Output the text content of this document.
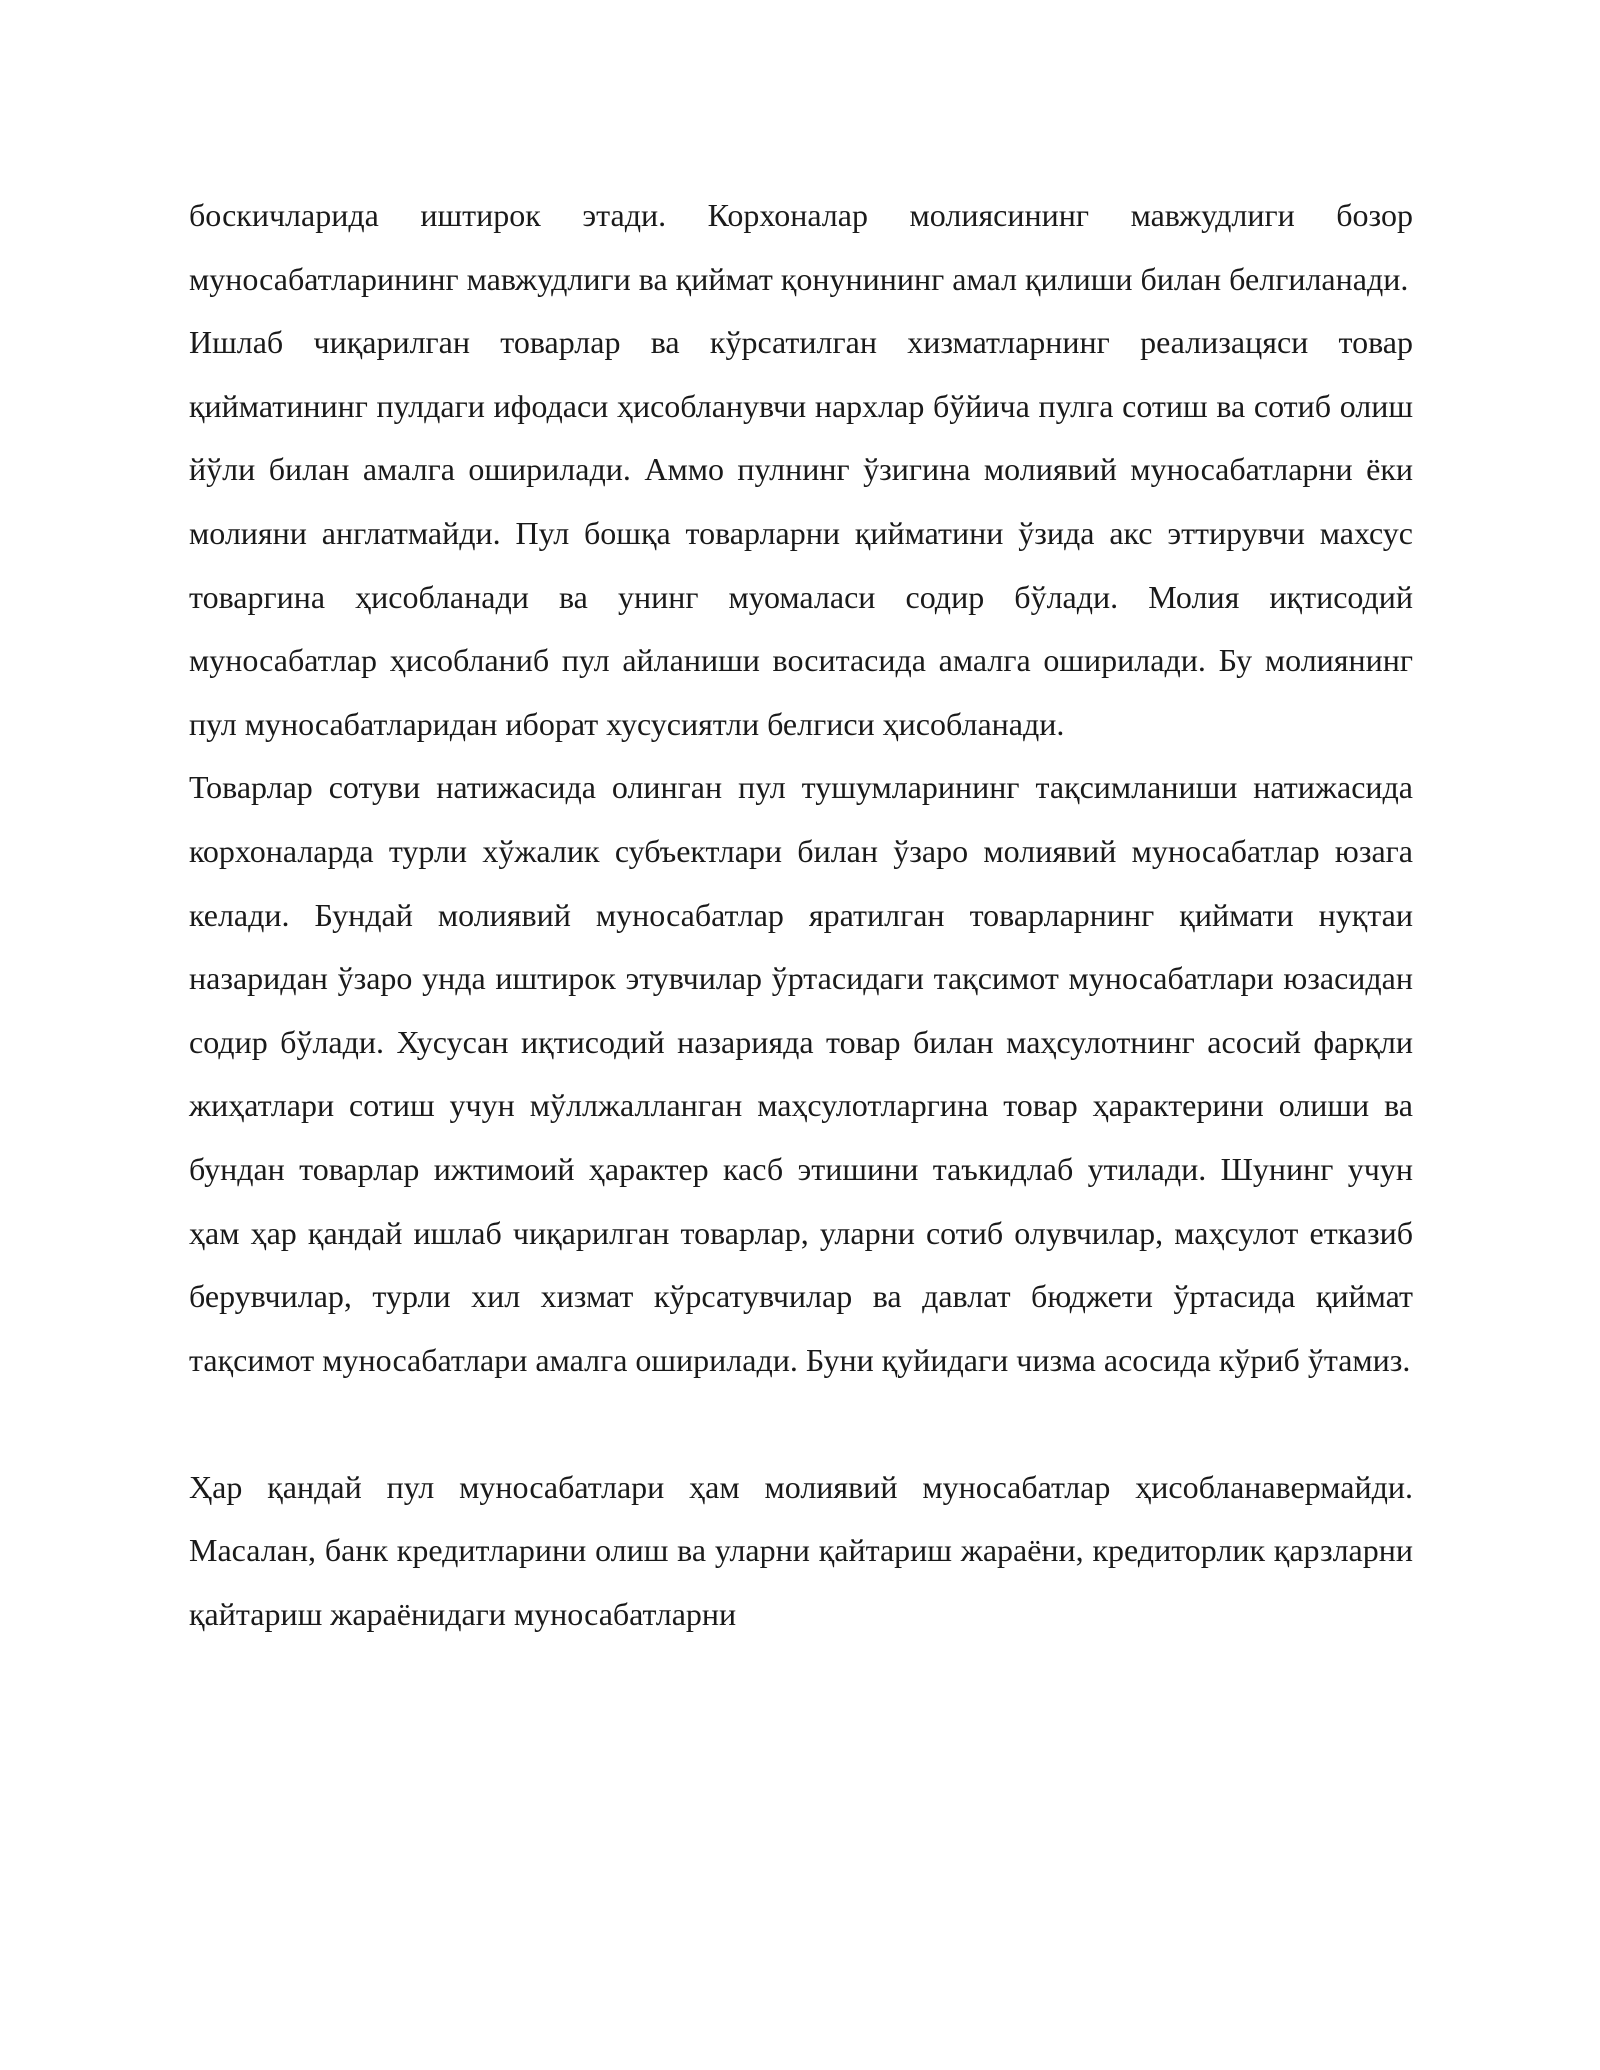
боскичларида иштирок этади. Корхоналар молиясининг мавжудлиги бозор муносабатларининг мавжудлиги ва қиймат қонунининг амал қилиши билан белгиланади.

Ишлаб чиқарилган товарлар ва кўрсатилган хизматларнинг реализацяси товар қийматининг пулдаги ифодаси ҳисобланувчи нархлар бўйича пулга сотиш ва сотиб олиш йўли билан амалга оширилади. Аммо пулнинг ўзигина молиявий муносабатларни ёки молияни англатмайди. Пул бошқа товарларни қийматини ўзида акс эттирувчи махсус товаргина ҳисобланади ва унинг муомаласи содир бўлади. Молия иқтисодий муносабатлар ҳисобланиб пул айланиши воситасида амалга оширилади. Бу молиянинг пул муносабатларидан иборат хусусиятли белгиси ҳисобланади.

Товарлар сотуви натижасида олинган пул тушумларининг тақсимланиши натижасида корхоналарда турли хўжалик субъектлари билан ўзаро молиявий муносабатлар юзага келади. Бундай молиявий муносабатлар яратилган товарларнинг қиймати нуқтаи назаридан ўзаро унда иштирок этувчилар ўртасидаги тақсимот муносабатлари юзасидан содир бўлади. Хусусан иқтисодий назарияда товар билан маҳсулотнинг асосий фарқли жиҳатлари сотиш учун мўллжалланган маҳсулотларгина товар ҳарактерини олиши ва бундан товарлар ижтимоий ҳарактер касб этишини таъкидлаб утилади. Шунинг учун ҳам ҳар қандай ишлаб чиқарилган товарлар, уларни сотиб олувчилар, маҳсулот етказиб берувчилар, турли хил хизмат кўрсатувчилар ва давлат бюджети ўртасида қиймат тақсимот муносабатлари амалга оширилади. Буни қуйидаги чизма асосида кўриб ўтамиз.

Ҳар қандай пул муносабатлари ҳам молиявий муносабатлар ҳисобланавермайди. Масалан, банк кредитларини олиш ва уларни қайтариш жараёни, кредиторлик қарзларни қайтариш жараёнидаги муносабатларни
